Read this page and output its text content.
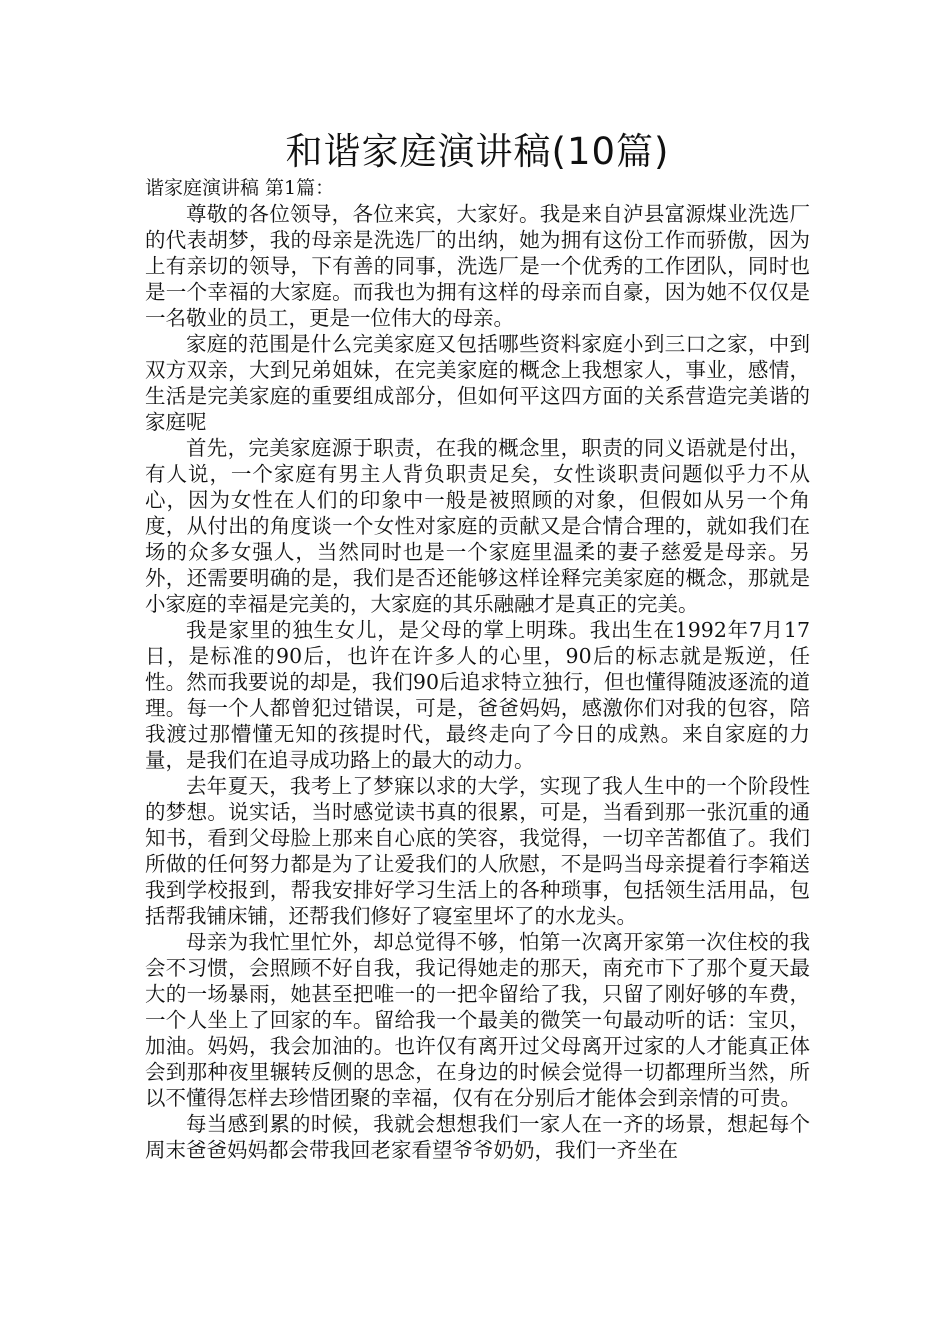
和谐家庭演讲稿(10篇)

谐家庭演讲稿 第1篇：

尊敬的各位领导，各位来宾，大家好。我是来自泸县富源煤业洗选厂的代表胡梦，我的母亲是洗选厂的出纳，她为拥有这份工作而骄傲，因为上有亲切的领导，下有善的同事，洗选厂是一个优秀的工作团队，同时也是一个幸福的大家庭。而我也为拥有这样的母亲而自豪，因为她不仅仅是一名敬业的员工，更是一位伟大的母亲。

家庭的范围是什么完美家庭又包括哪些资料家庭小到三口之家，中到双方双亲，大到兄弟姐妹，在完美家庭的概念上我想家人，事业，感情，生活是完美家庭的重要组成部分，但如何平这四方面的关系营造完美谐的家庭呢

首先，完美家庭源于职责，在我的概念里，职责的同义语就是付出，有人说，一个家庭有男主人背负职责足矣，女性谈职责问题似乎力不从心，因为女性在人们的印象中一般是被照顾的对象，但假如从另一个角度，从付出的角度谈一个女性对家庭的贡献又是合情合理的，就如我们在场的众多女强人，当然同时也是一个家庭里温柔的妻子慈爱是母亲。另外，还需要明确的是，我们是否还能够这样诠释完美家庭的概念，那就是小家庭的幸福是完美的，大家庭的其乐融融才是真正的完美。

我是家里的独生女儿，是父母的掌上明珠。我出生在1992年7月17日，是标准的90后，也许在许多人的心里，90后的标志就是叛逆，任性。然而我要说的却是，我们90后追求特立独行，但也懂得随波逐流的道理。每一个人都曾犯过错误，可是，爸爸妈妈，感激你们对我的包容，陪我渡过那懵懂无知的孩提时代，最终走向了今日的成熟。来自家庭的力量，是我们在追寻成功路上的最大的动力。

去年夏天，我考上了梦寐以求的大学，实现了我人生中的一个阶段性的梦想。说实话，当时感觉读书真的很累，可是，当看到那一张沉重的通知书，看到父母脸上那来自心底的笑容，我觉得，一切辛苦都值了。我们所做的任何努力都是为了让爱我们的人欣慰，不是吗当母亲提着行李箱送我到学校报到，帮我安排好学习生活上的各种琐事，包括领生活用品，包括帮我铺床铺，还帮我们修好了寝室里坏了的水龙头。

母亲为我忙里忙外，却总觉得不够，怕第一次离开家第一次住校的我会不习惯，会照顾不好自我，我记得她走的那天，南充市下了那个夏天最大的一场暴雨，她甚至把唯一的一把伞留给了我，只留了刚好够的车费，一个人坐上了回家的车。留给我一个最美的微笑一句最动听的话：宝贝，加油。妈妈，我会加油的。也许仅有离开过父母离开过家的人才能真正体会到那种夜里辗转反侧的思念，在身边的时候会觉得一切都理所当然，所以不懂得怎样去珍惜团聚的幸福，仅有在分别后才能体会到亲情的可贵。

每当感到累的时候，我就会想想我们一家人在一齐的场景，想起每个周末爸爸妈妈都会带我回老家看望爷爷奶奶，我们一齐坐在
